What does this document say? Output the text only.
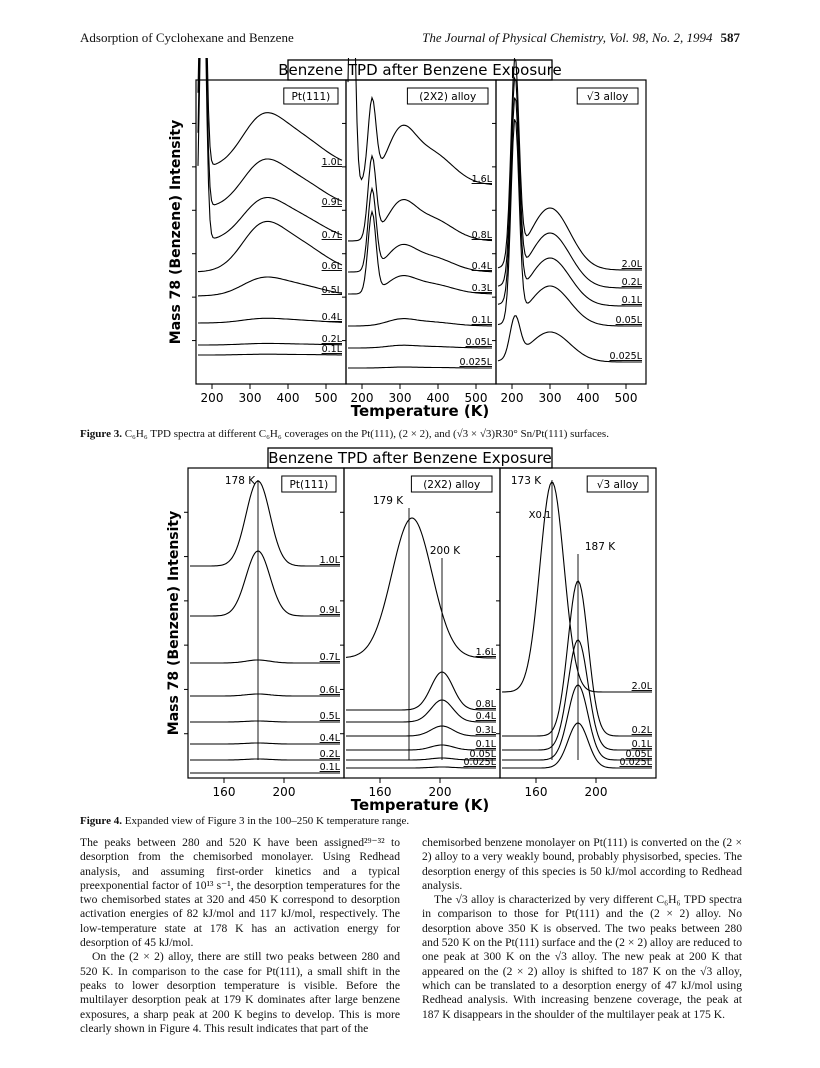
Adsorption of Cyclohexane and Benzene	The Journal of Physical Chemistry, Vol. 98, No. 2, 1994 587
Benzene TPD after Benzene Exposure
Mass 78 (Benzene) Intensity
Temperature (K)
Pt(111)
200 300 400 500
1.0L
0.9L
0.7L
0.6L
0.5L
0.4L
0.2L
0.1L
(2X2) alloy
200 300 400 500
1.6L
0.8L
0.4L
0.3L
0.1L
0.05L
0.025L
√3 alloy
200 300 400 500
2.0L
0.2L
0.1L
0.05L
0.025L
Figure 3. C₆H₆ TPD spectra at different C₆H₆ coverages on the Pt(111), (2 × 2), and (√3 × √3)R30° Sn/Pt(111) surfaces.
Benzene TPD after Benzene Exposure
Mass 78 (Benzene) Intensity
Temperature (K)
Pt(111)
160	200
1.0L
0.9L
0.7L
0.6L
0.5L
0.4L
0.2L
0.1L
178 K	(2X2) alloy
160	200
1.6L
0.8L
0.4L
0.3L
0.1L
0.05L
0.025L
179 K
200 K
√3 alloy
160	200
2.0L
0.2L
0.1L
0.05L
0.025L
173 K
187 K
X0.1
Figure 4. Expanded view of Figure 3 in the 100–250 K temperature range.

The peaks between 280 and 520 K have been assigned²⁹⁻³² to desorption from the chemisorbed monolayer. Using Redhead analysis, and assuming first-order kinetics and a typical preexponential factor of 10¹³ s⁻¹, the desorption temperatures for the two chemisorbed states at 320 and 450 K correspond to desorption activation energies of 82 kJ/mol and 117 kJ/mol, respectively. The low-temperature state at 178 K has an activation energy for desorption of 45 kJ/mol.

On the (2 × 2) alloy, there are still two peaks between 280 and 520 K. In comparison to the case for Pt(111), a small shift in the peaks to lower desorption temperature is visible. Before the multilayer desorption peak at 179 K dominates after large benzene exposures, a sharp peak at 200 K begins to develop. This is more clearly shown in Figure 4. This result indicates that part of the

chemisorbed benzene monolayer on Pt(111) is converted on the (2 × 2) alloy to a very weakly bound, probably physisorbed, species. The desorption energy of this species is 50 kJ/mol according to Redhead analysis.

The √3 alloy is characterized by very different C₆H₆ TPD spectra in comparison to those for Pt(111) and the (2 × 2) alloy. No desorption above 350 K is observed. The two peaks between 280 and 520 K on the Pt(111) surface and the (2 × 2) alloy are reduced to one peak at 300 K on the √3 alloy. The new peak at 200 K that appeared on the (2 × 2) alloy is shifted to 187 K on the √3 alloy, which can be translated to a desorption energy of 47 kJ/mol using Redhead analysis. With increasing benzene coverage, the peak at 187 K disappears in the shoulder of the multilayer peak at 175 K.
